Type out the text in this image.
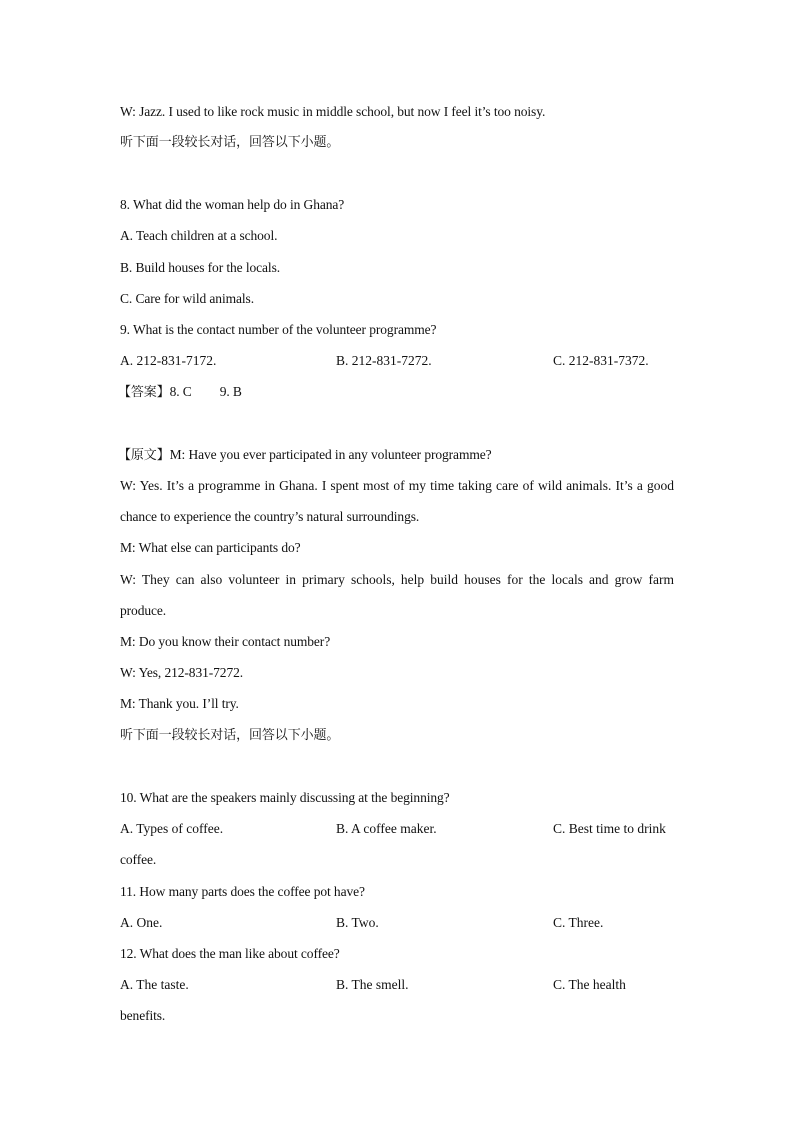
W: Jazz. I used to like rock music in middle school, but now I feel it’s too noisy.
听下面一段较长对话，回答以下小题。
8. What did the woman help do in Ghana?
A. Teach children at a school.
B. Build houses for the locals.
C. Care for wild animals.
9. What is the contact number of the volunteer programme?
A. 212-831-7172.	B. 212-831-7272.	C. 212-831-7372.
【答案】8. C 9. B
【原文】M: Have you ever participated in any volunteer programme?
W: Yes. It’s a programme in Ghana. I spent most of my time taking care of wild animals. It’s a good
chance to experience the country’s natural surroundings.
M: What else can participants do?
W: They can also volunteer in primary schools, help build houses for the locals and grow farm
produce.
M: Do you know their contact number?
W: Yes, 212-831-7272.
M: Thank you. I’ll try.
听下面一段较长对话，回答以下小题。
10. What are the speakers mainly discussing at the beginning?
A. Types of coffee.	B. A coffee maker.	C. Best time to drink
coffee.
11. How many parts does the coffee pot have?
A. One.	B. Two.	C. Three.
12. What does the man like about coffee?
A. The taste.	B. The smell.	C. The health
benefits.
